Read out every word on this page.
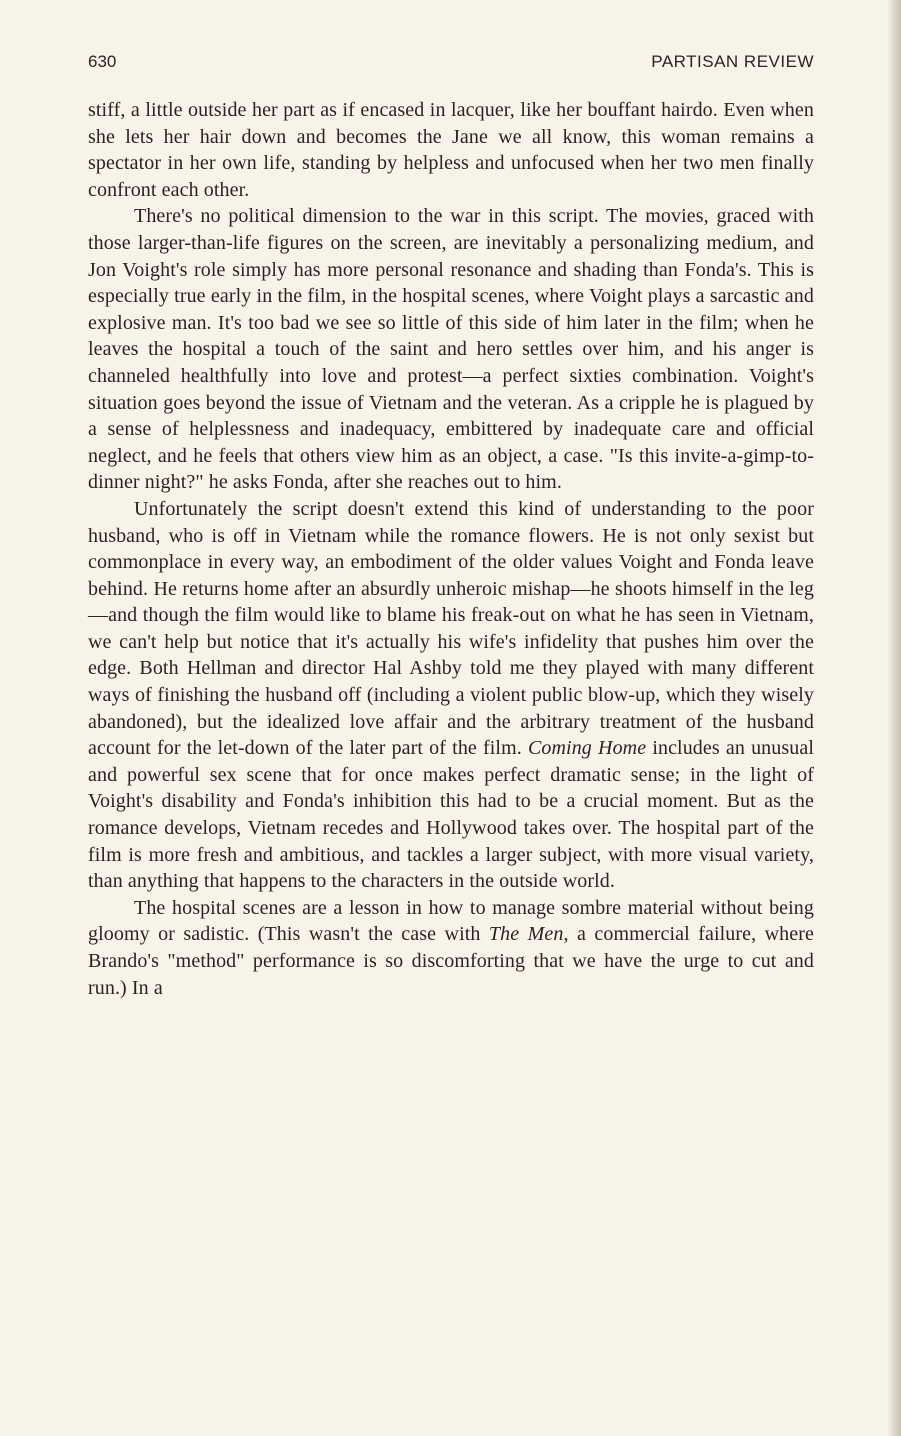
630	PARTISAN REVIEW

stiff, a little outside her part as if encased in lacquer, like her bouffant hairdo. Even when she lets her hair down and becomes the Jane we all know, this woman remains a spectator in her own life, standing by helpless and unfocused when her two men finally confront each other.

There's no political dimension to the war in this script. The movies, graced with those larger-than-life figures on the screen, are inevitably a personalizing medium, and Jon Voight's role simply has more personal resonance and shading than Fonda's. This is especially true early in the film, in the hospital scenes, where Voight plays a sarcastic and explosive man. It's too bad we see so little of this side of him later in the film; when he leaves the hospital a touch of the saint and hero settles over him, and his anger is channeled healthfully into love and protest—a perfect sixties combination. Voight's situation goes beyond the issue of Vietnam and the veteran. As a cripple he is plagued by a sense of helplessness and inadequacy, embittered by inadequate care and official neglect, and he feels that others view him as an object, a case. "Is this invite-a-gimp-to-dinner night?" he asks Fonda, after she reaches out to him.

Unfortunately the script doesn't extend this kind of understanding to the poor husband, who is off in Vietnam while the romance flowers. He is not only sexist but commonplace in every way, an embodiment of the older values Voight and Fonda leave behind. He returns home after an absurdly unheroic mishap—he shoots himself in the leg—and though the film would like to blame his freak-out on what he has seen in Vietnam, we can't help but notice that it's actually his wife's infidelity that pushes him over the edge. Both Hellman and director Hal Ashby told me they played with many different ways of finishing the husband off (including a violent public blow-up, which they wisely abandoned), but the idealized love affair and the arbitrary treatment of the husband account for the let-down of the later part of the film. Coming Home includes an unusual and powerful sex scene that for once makes perfect dramatic sense; in the light of Voight's disability and Fonda's inhibition this had to be a crucial moment. But as the romance develops, Vietnam recedes and Hollywood takes over. The hospital part of the film is more fresh and ambitious, and tackles a larger subject, with more visual variety, than anything that happens to the characters in the outside world.

The hospital scenes are a lesson in how to manage sombre material without being gloomy or sadistic. (This wasn't the case with The Men, a commercial failure, where Brando's "method" performance is so discomforting that we have the urge to cut and run.) In a
